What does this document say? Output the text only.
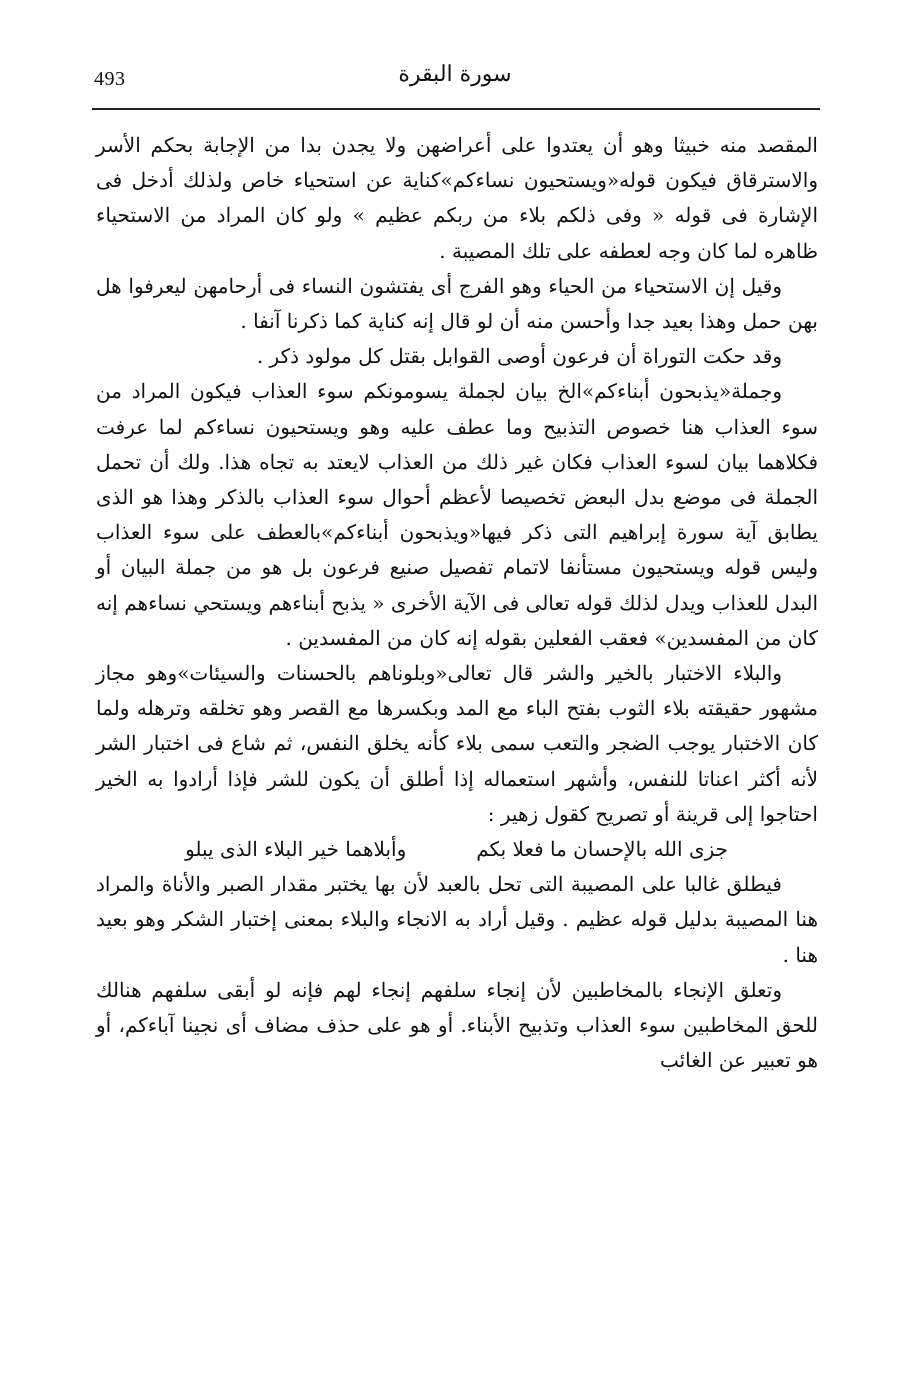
493	سورة البقرة

المقصد منه خبيثا وهو أن يعتدوا على أعراضهن ولا يجدن بدا من الإجابة بحكم الأسر والاسترقاق فيكون قوله«ويستحيون نساءكم»كناية عن استحياء خاص ولذلك أدخل فى الإشارة فى قوله « وفى ذلكم بلاء من ربكم عظيم » ولو كان المراد من الاستحياء ظاهره لما كان وجه لعطفه على تلك المصيبة .

وقيل إن الاستحياء من الحياء وهو الفرج أى يفتشون النساء فى أرحامهن ليعرفوا هل بهن حمل وهذا بعيد جدا وأحسن منه أن لو قال إنه كناية كما ذكرنا آنفا .

وقد حكت التوراة أن فرعون أوصى القوابل بقتل كل مولود ذكر .

وجملة«يذبحون أبناءكم»الخ بيان لجملة يسومونكم سوء العذاب فيكون المراد من سوء العذاب هنا خصوص التذبيح وما عطف عليه وهو ويستحيون نساءكم لما عرفت فكلاهما بيان لسوء العذاب فكان غير ذلك من العذاب لايعتد به تجاه هذا. ولك أن تحمل الجملة فى موضع بدل البعض تخصيصا لأعظم أحوال سوء العذاب بالذكر وهذا هو الذى يطابق آية سورة إبراهيم التى ذكر فيها«ويذبحون أبناءكم»بالعطف على سوء العذاب وليس قوله ويستحيون مستأنفا لاتمام تفصيل صنيع فرعون بل هو من جملة البيان أو البدل للعذاب ويدل لذلك قوله تعالى فى الآية الأخرى « يذبح أبناءهم ويستحي نساءهم إنه كان من المفسدين» فعقب الفعلين بقوله إنه كان من المفسدين .

والبلاء الاختبار بالخير والشر قال تعالى«وبلوناهم بالحسنات والسيئات»وهو مجاز مشهور حقيقته بلاء الثوب بفتح الباء مع المد وبكسرها مع القصر وهو تخلقه وترهله ولما كان الاختبار يوجب الضجر والتعب سمى بلاء كأنه يخلق النفس، ثم شاع فى اختبار الشر لأنه أكثر اعناتا للنفس، وأشهر استعماله إذا أطلق أن يكون للشر فإذا أرادوا به الخير احتاجوا إلى قرينة أو تصريح كقول زهير :

جزى الله بالإحسان ما فعلا بكم
وأبلاهما خير البلاء الذى يبلو

فيطلق غالبا على المصيبة التى تحل بالعبد لأن بها يختبر مقدار الصبر والأناة والمراد هنا المصيبة بدليل قوله عظيم . وقيل أراد به الانجاء والبلاء بمعنى إختبار الشكر وهو بعيد هنا .

وتعلق الإنجاء بالمخاطبين لأن إنجاء سلفهم إنجاء لهم فإنه لو أبقى سلفهم هنالك للحق المخاطبين سوء العذاب وتذبيح الأبناء. أو هو على حذف مضاف أى نجينا آباءكم، أو هو تعبير عن الغائب
